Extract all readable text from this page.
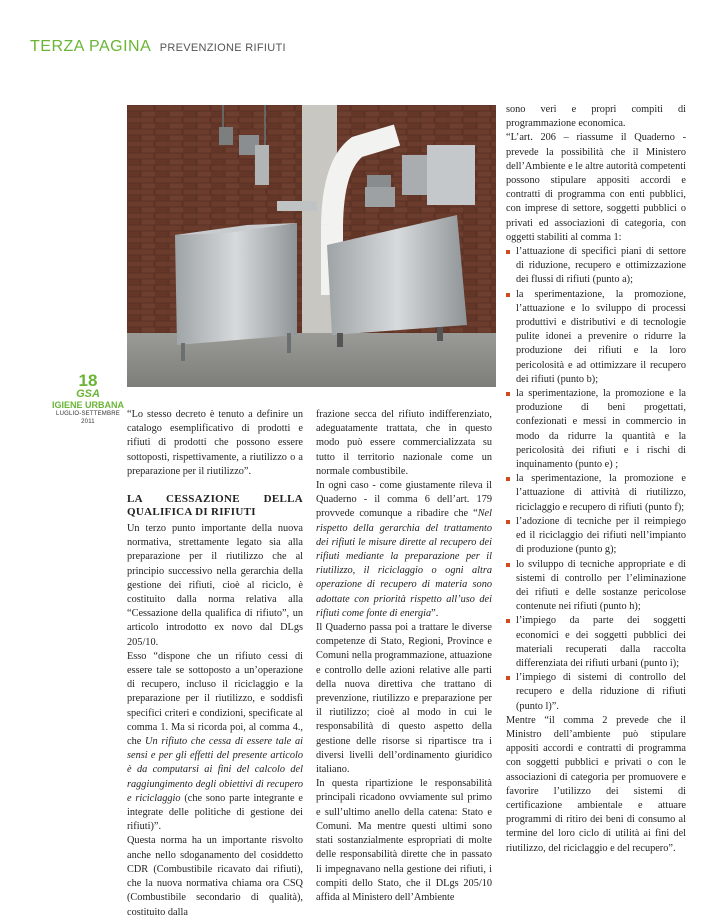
TERZA PAGINA PREVENZIONE RIFIUTI
18
GSA
IGIENE URBANA
LUGLIO-SETTEMBRE 2011

“Lo stesso decreto è tenuto a definire un catalogo esemplificativo di prodotti e rifiuti di prodotti che possono essere sottoposti, rispettivamente, a riutilizzo o a preparazione per il riutilizzo”.

LA CESSAZIONE DELLA QUALIFICA DI RIFIUTI

Un terzo punto importante della nuova normativa, strettamente legato sia alla preparazione per il riutilizzo che al principio successivo nella gerarchia della gestione dei rifiuti, cioè al riciclo, è costituito dalla norma relativa alla “Cessazione della qualifica di rifiuto”, un articolo introdotto ex novo dal DLgs 205/10.

Esso “dispone che un rifiuto cessi di essere tale se sottoposto a un’operazione di recupero, incluso il riciclaggio e la preparazione per il riutilizzo, e soddisfi specifici criteri e condizioni, specificate al comma 1. Ma si ricorda poi, al comma 4., che Un rifiuto che cessa di essere tale ai sensi e per gli effetti del presente articolo è da computarsi ai fini del calcolo del raggiungimento degli obiettivi di recupero e riciclaggio (che sono parte integrante e integrate delle politiche di gestione dei rifiuti)”.

Questa norma ha un importante risvolto anche nello sdoganamento del cosiddetto CDR (Combustibile ricavato dai rifiuti), che la nuova normativa chiama ora CSQ (Combustibile secondario di qualità), costituito dalla

frazione secca del rifiuto indifferenziato, adeguatamente trattata, che in questo modo può essere commercializzata su tutto il territorio nazionale come un normale combustibile.

In ogni caso - come giustamente rileva il Quaderno - il comma 6 dell’art. 179 provvede comunque a ribadire che “Nel rispetto della gerarchia del trattamento dei rifiuti le misure dirette al recupero dei rifiuti mediante la preparazione per il riutilizzo, il riciclaggio o ogni altra operazione di recupero di materia sono adottate con priorità rispetto all’uso dei rifiuti come fonte di energia”.

Il Quaderno passa poi a trattare le diverse competenze di Stato, Regioni, Province e Comuni nella programmazione, attuazione e controllo delle azioni relative alle parti della nuova direttiva che trattano di prevenzione, riutilizzo e preparazione per il riutilizzo; cioè al modo in cui le responsabilità di questo aspetto della gestione delle risorse si ripartisce tra i diversi livelli dell’ordinamento giuridico italiano.

In questa ripartizione le responsabilità principali ricadono ovviamente sul primo e sull’ultimo anello della catena: Stato e Comuni. Ma mentre questi ultimi sono stati sostanzialmente espropriati di molte delle responsabilità dirette che in passato li impegnavano nella gestione dei rifiuti, i compiti dello Stato, che il DLgs 205/10 affida al Ministero dell’Ambiente

sono veri e propri compiti di programmazione economica.

“L’art. 206 – riassume il Quaderno - prevede la possibilità che il Ministero dell’Ambiente e le altre autorità competenti possono stipulare appositi accordi e contratti di programma con enti pubblici, con imprese di settore, soggetti pubblici o privati ed associazioni di categoria, con oggetti stabiliti al comma 1:

l’attuazione di specifici piani di settore di riduzione, recupero e ottimizzazione dei flussi di rifiuti (punto a);
la sperimentazione, la promozione, l’attuazione e lo sviluppo di processi produttivi e distributivi e di tecnologie pulite idonei a prevenire o ridurre la produzione dei rifiuti e la loro pericolosità e ad ottimizzare il recupero dei rifiuti (punto b);
la sperimentazione, la promozione e la produzione di beni progettati, confezionati e messi in commercio in modo da ridurre la quantità e la pericolosità dei rifiuti e i rischi di inquinamento (punto e) ;
la sperimentazione, la promozione e l’attuazione di attività di riutilizzo, riciclaggio e recupero di rifiuti (punto f);
l’adozione di tecniche per il reimpiego ed il riciclaggio dei rifiuti nell’impianto di produzione (punto g);
lo sviluppo di tecniche appropriate e di sistemi di controllo per l’eliminazione dei rifiuti e delle sostanze pericolose contenute nei rifiuti (punto h);
l’impiego da parte dei soggetti economici e dei soggetti pubblici dei materiali recuperati dalla raccolta differenziata dei rifiuti urbani (punto i);
l’impiego di sistemi di controllo del recupero e della riduzione di rifiuti (punto l)”.

Mentre “il comma 2 prevede che il Ministro dell’ambiente può stipulare appositi accordi e contratti di programma con soggetti pubblici e privati o con le associazioni di categoria per promuovere e favorire l’utilizzo dei sistemi di certificazione ambientale e attuare programmi di ritiro dei beni di consumo al termine del loro ciclo di utilità ai fini del riutilizzo, del riciclaggio e del recupero”.
